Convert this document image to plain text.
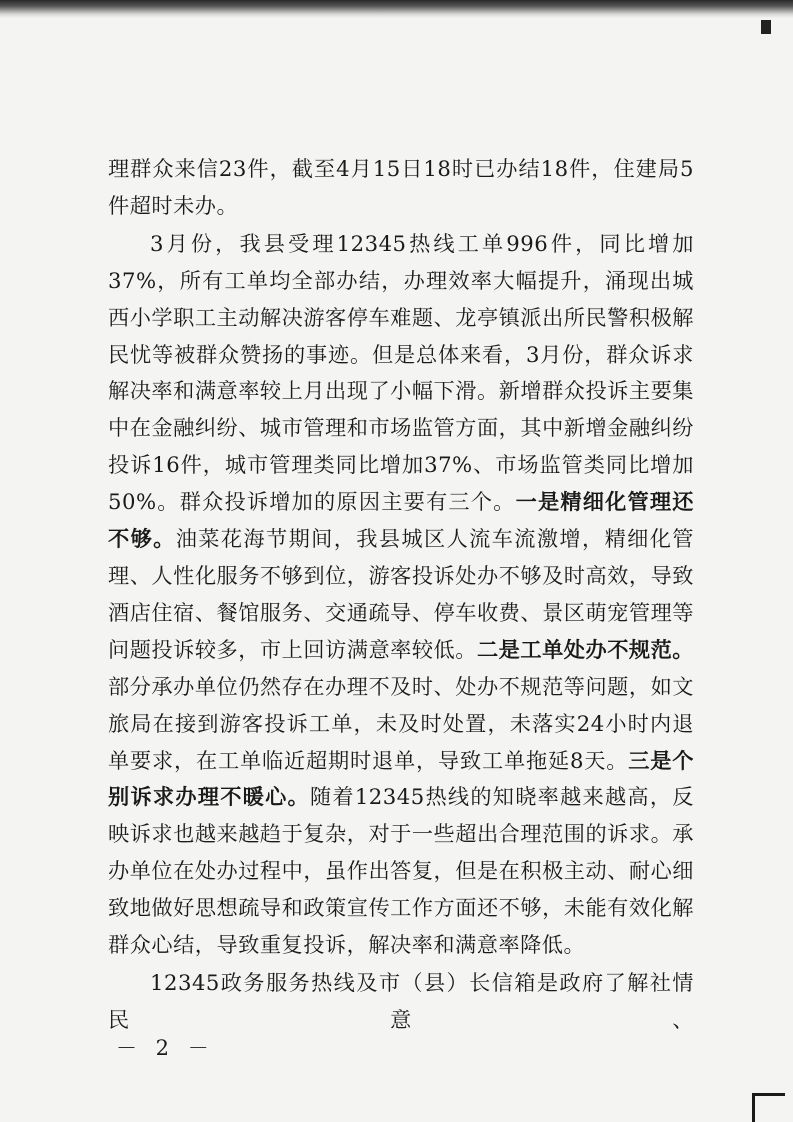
理群众来信23件，截至4月15日18时已办结18件，住建局5件超时未办。

3月份，我县受理12345热线工单996件，同比增加37%，所有工单均全部办结，办理效率大幅提升，涌现出城西小学职工主动解决游客停车难题、龙亭镇派出所民警积极解民忧等被群众赞扬的事迹。但是总体来看，3月份，群众诉求解决率和满意率较上月出现了小幅下滑。新增群众投诉主要集中在金融纠纷、城市管理和市场监管方面，其中新增金融纠纷投诉16件，城市管理类同比增加37%、市场监管类同比增加50%。群众投诉增加的原因主要有三个。一是精细化管理还不够。油菜花海节期间，我县城区人流车流激增，精细化管理、人性化服务不够到位，游客投诉处办不够及时高效，导致酒店住宿、餐馆服务、交通疏导、停车收费、景区萌宠管理等问题投诉较多，市上回访满意率较低。二是工单处办不规范。部分承办单位仍然存在办理不及时、处办不规范等问题，如文旅局在接到游客投诉工单，未及时处置，未落实24小时内退单要求，在工单临近超期时退单，导致工单拖延8天。三是个别诉求办理不暖心。随着12345热线的知晓率越来越高，反映诉求也越来越趋于复杂，对于一些超出合理范围的诉求。承办单位在处办过程中，虽作出答复，但是在积极主动、耐心细致地做好思想疏导和政策宣传工作方面还不够，未能有效化解群众心结，导致重复投诉，解决率和满意率降低。

12345政务服务热线及市（县）长信箱是政府了解社情民意、

－ 2 －
